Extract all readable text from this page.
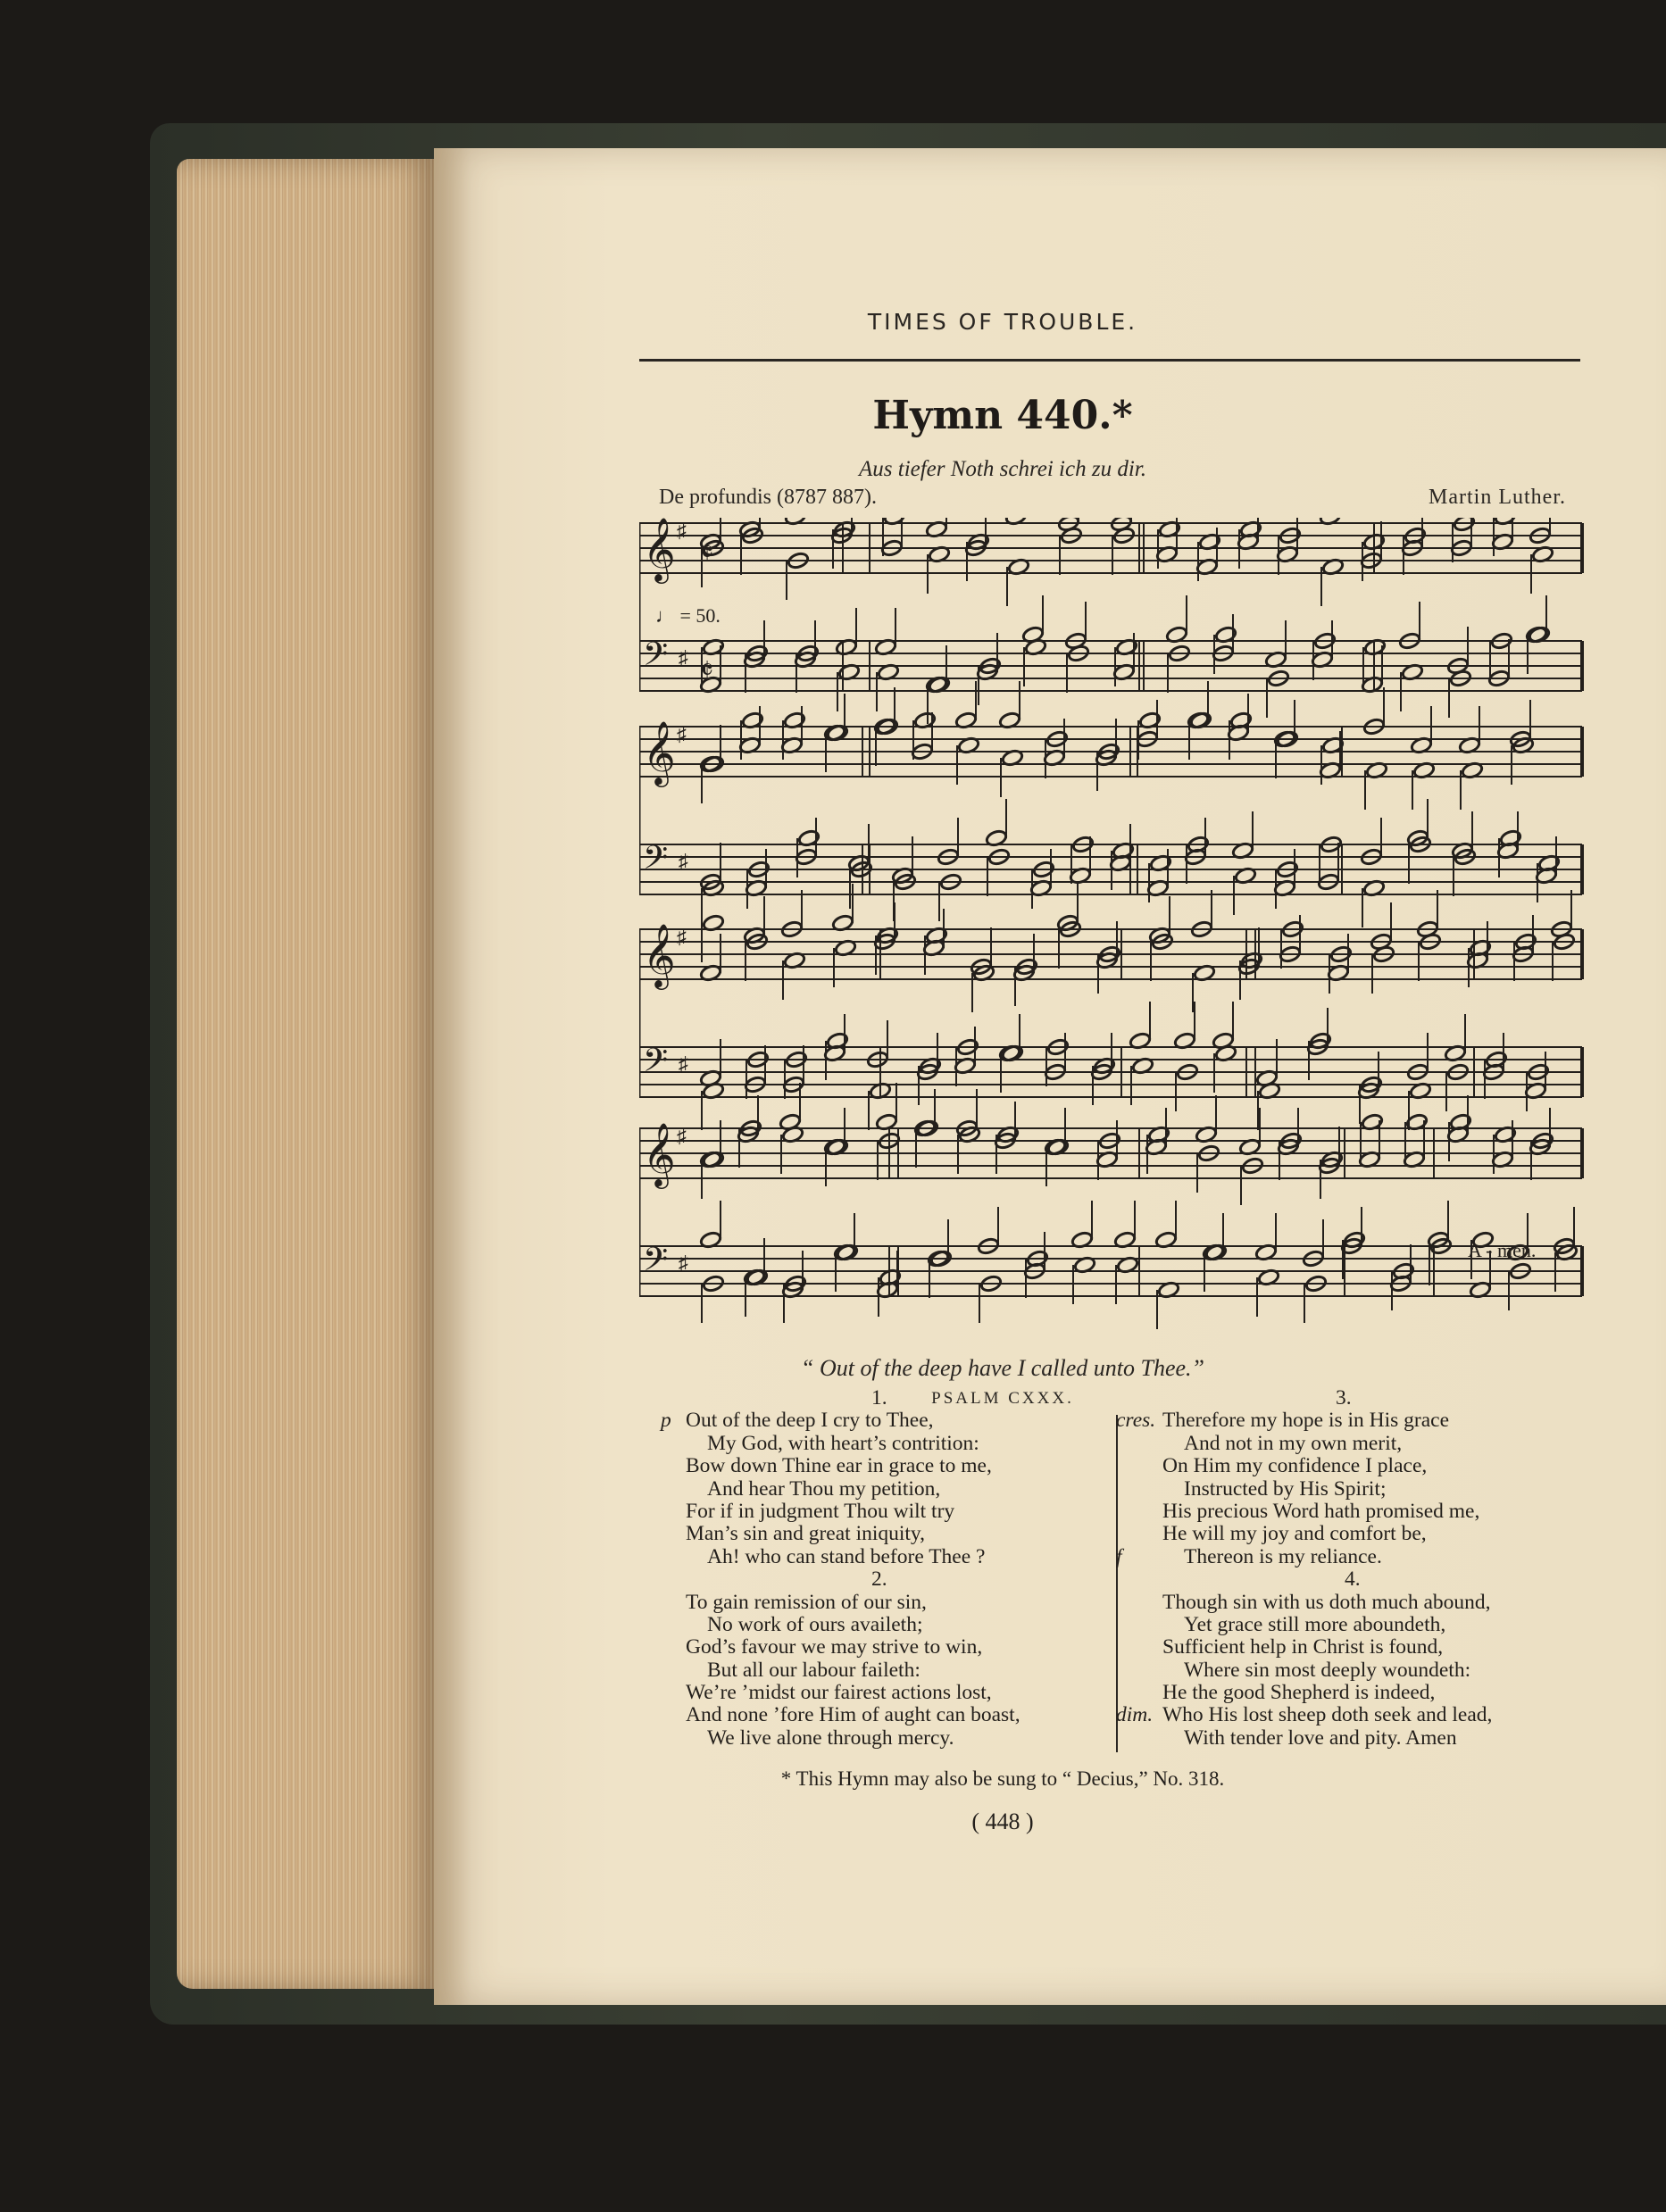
TIMES OF TROUBLE.
Hymn 440.*
Aus tiefer Noth schrei ich zu dir.
De profundis (8787 887).	Martin Luther.
♩ = 50.
A - men.
𝄞 ♯
𝄢 ♯
𝄞 ♯
𝄢 ♯
𝄞 ♯
𝄢 ♯
𝄞 ♯
𝄢 ♯
𝄵
𝄵
“ Out of the deep have I called unto Thee.”
PSALM CXXX.
1.
p Out of the deep I cry to Thee,
My God, with heart’s contrition:
Bow down Thine ear in grace to me,
And hear Thou my petition,
For if in judgment Thou wilt try
Man’s sin and great iniquity,
Ah! who can stand before Thee ?
2.
To gain remission of our sin,
No work of ours availeth;
God’s favour we may strive to win,
But all our labour faileth:
We’re ’midst our fairest actions lost,
And none ’fore Him of aught can boast,
We live alone through mercy.
3.
cres. Therefore my hope is in His grace
And not in my own merit,
On Him my confidence I place,
Instructed by His Spirit;
His precious Word hath promised me,
He will my joy and comfort be,
f	Thereon is my reliance.
4.
Though sin with us doth much abound,
Yet grace still more aboundeth,
Sufficient help in Christ is found,
Where sin most deeply woundeth:
He the good Shepherd is indeed,
dim. Who His lost sheep doth seek and lead,
With tender love and pity. Amen
* This Hymn may also be sung to “ Decius,” No. 318.
( 448 )
